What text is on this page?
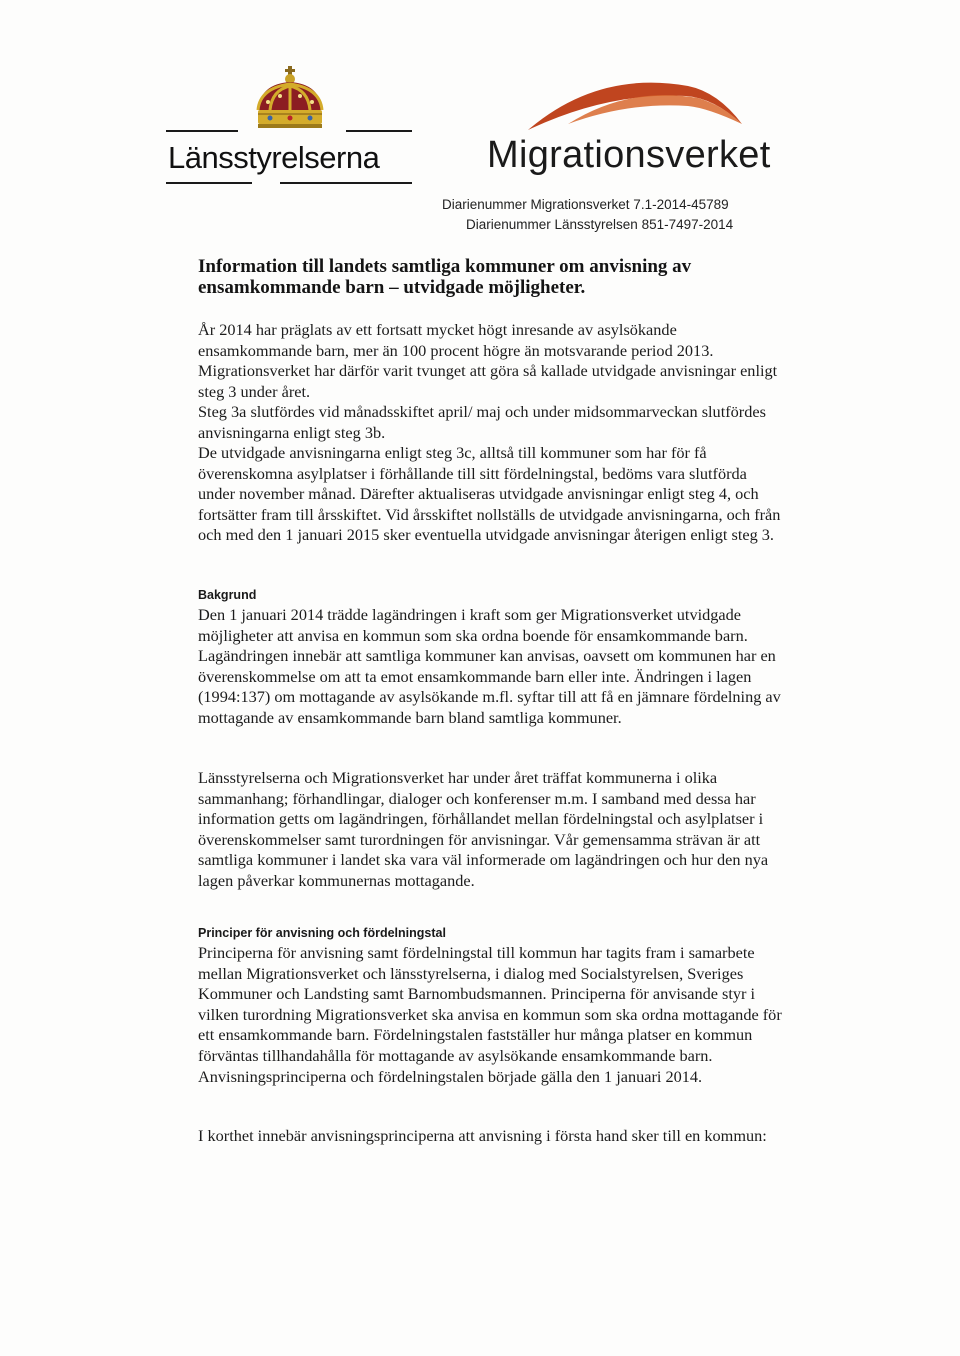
Länsstyrelserna	Migrationsverket
Diarienummer Migrationsverket 7.1-2014-45789
Diarienummer Länsstyrelsen 851-7497-2014
Information till landets samtliga kommuner om anvisning av
ensamkommande barn – utvidgade möjligheter.

År 2014 har präglats av ett fortsatt mycket högt inresande av asylsökande ensamkommande barn, mer än 100 procent högre än motsvarande period 2013. Migrationsverket har därför varit tvunget att göra så kallade utvidgade anvisningar enligt steg 3 under året.

Steg 3a slutfördes vid månadsskiftet april/ maj och under midsommarveckan slutfördes anvisningarna enligt steg 3b.

De utvidgade anvisningarna enligt steg 3c, alltså till kommuner som har för få överenskomna asylplatser i förhållande till sitt fördelningstal, bedöms vara slutförda under november månad. Därefter aktualiseras utvidgade anvisningar enligt steg 4, och fortsätter fram till årsskiftet. Vid årsskiftet nollställs de utvidgade anvisningarna, och från och med den 1 januari 2015 sker eventuella utvidgade anvisningar återigen enligt steg 3.

Bakgrund

Den 1 januari 2014 trädde lagändringen i kraft som ger Migrationsverket utvidgade möjligheter att anvisa en kommun som ska ordna boende för ensamkommande barn. Lagändringen innebär att samtliga kommuner kan anvisas, oavsett om kommunen har en överenskommelse om att ta emot ensamkommande barn eller inte. Ändringen i lagen (1994:137) om mottagande av asylsökande m.fl. syftar till att få en jämnare fördelning av mottagande av ensamkommande barn bland samtliga kommuner.

Länsstyrelserna och Migrationsverket har under året träffat kommunerna i olika sammanhang; förhandlingar, dialoger och konferenser m.m. I samband med dessa har information getts om lagändringen, förhållandet mellan fördelningstal och asylplatser i överenskommelser samt turordningen för anvisningar. Vår gemensamma strävan är att samtliga kommuner i landet ska vara väl informerade om lagändringen och hur den nya lagen påverkar kommunernas mottagande.

Principer för anvisning och fördelningstal

Principerna för anvisning samt fördelningstal till kommun har tagits fram i samarbete mellan Migrationsverket och länsstyrelserna, i dialog med Socialstyrelsen, Sveriges Kommuner och Landsting samt Barnombudsmannen. Principerna för anvisande styr i vilken turordning Migrationsverket ska anvisa en kommun som ska ordna mottagande för ett ensamkommande barn. Fördelningstalen fastställer hur många platser en kommun förväntas tillhandahålla för mottagande av asylsökande ensamkommande barn. Anvisningsprinciperna och fördelningstalen började gälla den 1 januari 2014.

I korthet innebär anvisningsprinciperna att anvisning i första hand sker till en kommun:
